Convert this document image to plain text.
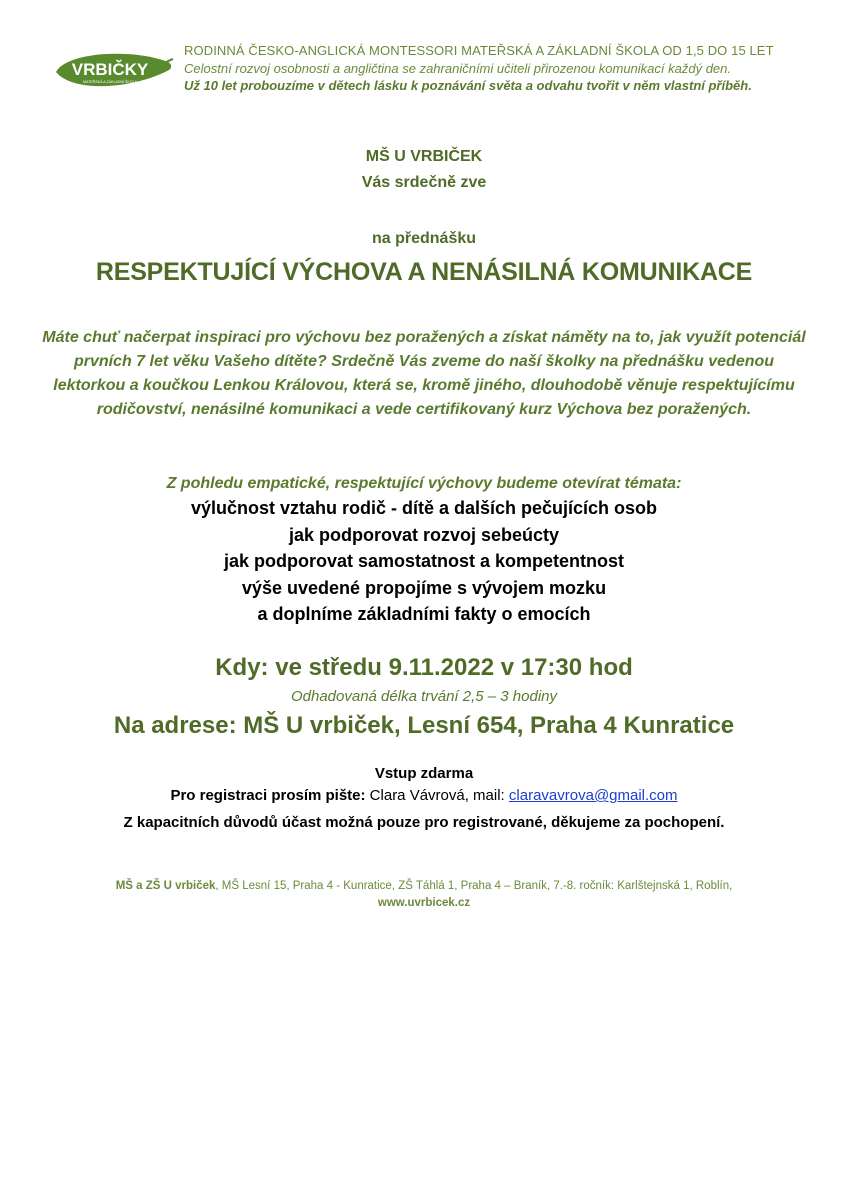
VRBIČKY
MATEŘSKÁ A ZÁKLADNÍ ŠKOLA
RODINNÁ ČESKO-ANGLICKÁ MONTESSORI MATEŘSKÁ A ZÁKLADNÍ ŠKOLA OD 1,5 DO 15 LET
Celostní rozvoj osobnosti a angličtina se zahraničními učiteli přirozenou komunikací každý den.
Už 10 let probouzíme v dětech lásku k poznávání světa a odvahu tvořit v něm vlastní příběh.
MŠ U VRBIČEK
Vás srdečně zve
na přednášku
RESPEKTUJÍCÍ VÝCHOVA A NENÁSILNÁ KOMUNIKACE
Máte chuť načerpat inspiraci pro výchovu bez poražených a získat náměty na to, jak využít potenciál prvních 7 let věku Vašeho dítěte? Srdečně Vás zveme do naší školky na přednášku vedenou lektorkou a koučkou Lenkou Královou, která se, kromě jiného, dlouhodobě věnuje respektujícímu rodičovství, nenásilné komunikaci a vede certifikovaný kurz Výchova bez poražených.
Z pohledu empatické, respektující výchovy budeme otevírat témata:
výlučnost vztahu rodič - dítě a dalších pečujících osob
jak podporovat rozvoj sebeúcty
jak podporovat samostatnost a kompetentnost
výše uvedené propojíme s vývojem mozku
a doplníme základními fakty o emocích
Kdy: ve středu 9.11.2022 v 17:30 hod
Odhadovaná délka trvání 2,5 – 3 hodiny
Na adrese: MŠ U vrbiček, Lesní 654, Praha 4 Kunratice
Vstup zdarma
Pro registraci prosím pište: Clara Vávrová, mail: claravavrova@gmail.com
Z kapacitních důvodů účast možná pouze pro registrované, děkujeme za pochopení.
MŠ a ZŠ U vrbiček, MŠ Lesní 15, Praha 4 - Kunratice, ZŠ Táhlá 1, Praha 4 – Braník, 7.-8. ročník: Karlštejnská 1, Roblín,
www.uvrbicek.cz
